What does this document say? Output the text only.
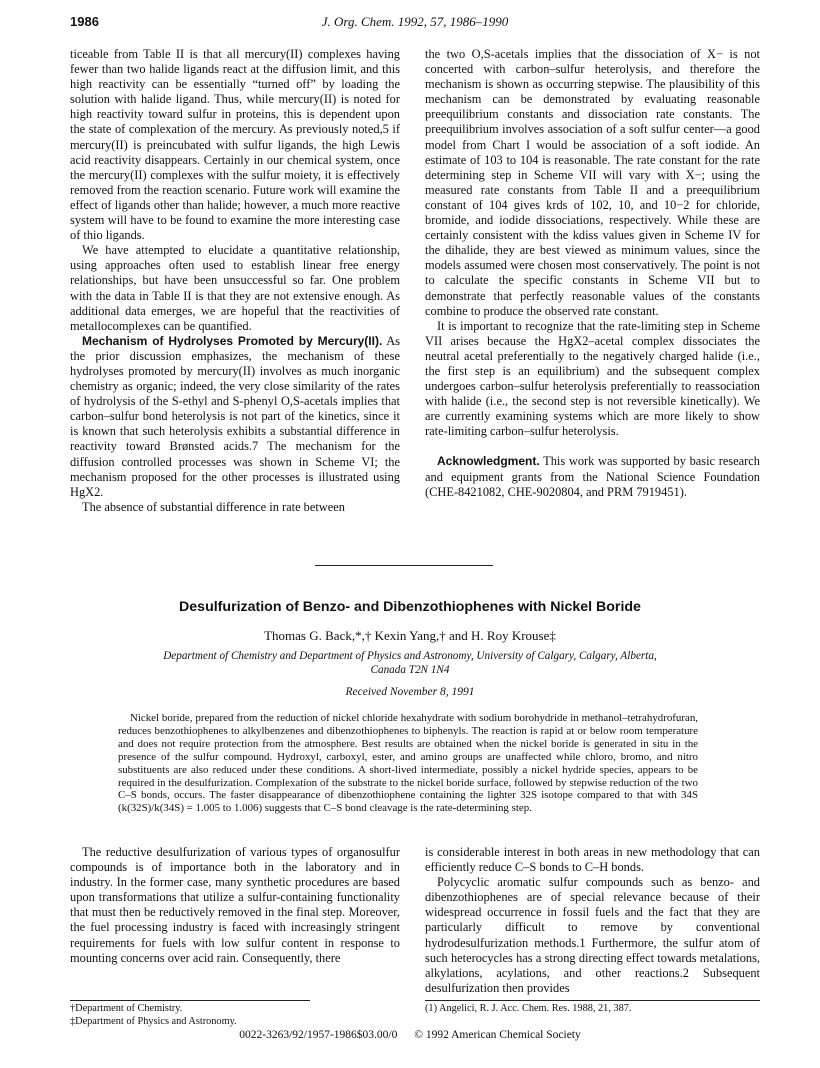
1986	J. Org. Chem. 1992, 57, 1986–1990

ticeable from Table II is that all mercury(II) complexes having fewer than two halide ligands react at the diffusion limit, and this high reactivity can be essentially “turned off” by loading the solution with halide ligand. Thus, while mercury(II) is noted for high reactivity toward sulfur in proteins, this is dependent upon the state of complexation of the mercury. As previously noted,5 if mercury(II) is preincubated with sulfur ligands, the high Lewis acid reactivity disappears. Certainly in our chemical system, once the mercury(II) complexes with the sulfur moiety, it is effectively removed from the reaction scenario. Future work will examine the effect of ligands other than halide; however, a much more reactive system will have to be found to examine the more interesting case of thio ligands.

We have attempted to elucidate a quantitative relationship, using approaches often used to establish linear free energy relationships, but have been unsuccessful so far. One problem with the data in Table II is that they are not extensive enough. As additional data emerges, we are hopeful that the reactivities of metallocomplexes can be quantified.

Mechanism of Hydrolyses Promoted by Mercury(II). As the prior discussion emphasizes, the mechanism of these hydrolyses promoted by mercury(II) involves as much inorganic chemistry as organic; indeed, the very close similarity of the rates of hydrolysis of the S-ethyl and S-phenyl O,S-acetals implies that carbon–sulfur bond heterolysis is not part of the kinetics, since it is known that such heterolysis exhibits a substantial difference in reactivity toward Brønsted acids.7 The mechanism for the diffusion controlled processes was shown in Scheme VI; the mechanism proposed for the other processes is illustrated using HgX2.

The absence of substantial difference in rate between

the two O,S-acetals implies that the dissociation of X− is not concerted with carbon–sulfur heterolysis, and therefore the mechanism is shown as occurring stepwise. The plausibility of this mechanism can be demonstrated by evaluating reasonable preequilibrium constants and dissociation rate constants. The preequilibrium involves association of a soft sulfur center—a good model from Chart I would be association of a soft iodide. An estimate of 103 to 104 is reasonable. The rate constant for the rate determining step in Scheme VII will vary with X−; using the measured rate constants from Table II and a preequilibrium constant of 104 gives krds of 102, 10, and 10−2 for chloride, bromide, and iodide dissociations, respectively. While these are certainly consistent with the kdiss values given in Scheme IV for the dihalide, they are best viewed as minimum values, since the models assumed were chosen most conservatively. The point is not to calculate the specific constants in Scheme VII but to demonstrate that perfectly reasonable values of the constants combine to produce the observed rate constant.

It is important to recognize that the rate-limiting step in Scheme VII arises because the HgX2–acetal complex dissociates the neutral acetal preferentially to the negatively charged halide (i.e., the first step is an equilibrium) and the subsequent complex undergoes carbon–sulfur heterolysis preferentially to reassociation with halide (i.e., the second step is not reversible kinetically). We are currently examining systems which are more likely to show rate-limiting carbon–sulfur heterolysis.

Acknowledgment. This work was supported by basic research and equipment grants from the National Science Foundation (CHE-8421082, CHE-9020804, and PRM 7919451).

Desulfurization of Benzo- and Dibenzothiophenes with Nickel Boride
Thomas G. Back,*,† Kexin Yang,† and H. Roy Krouse‡
Department of Chemistry and Department of Physics and Astronomy, University of Calgary, Calgary, Alberta, Canada T2N 1N4
Received November 8, 1991
Nickel boride, prepared from the reduction of nickel chloride hexahydrate with sodium borohydride in methanol–tetrahydrofuran, reduces benzothiophenes to alkylbenzenes and dibenzothiophenes to biphenyls. The reaction is rapid at or below room temperature and does not require protection from the atmosphere. Best results are obtained when the nickel boride is generated in situ in the presence of the sulfur compound. Hydroxyl, carboxyl, ester, and amino groups are unaffected while chloro, bromo, and nitro substituents are also reduced under these conditions. A short-lived intermediate, possibly a nickel hydride species, appears to be required in the desulfurization. Complexation of the substrate to the nickel boride surface, followed by stepwise reduction of the two C–S bonds, occurs. The faster disappearance of dibenzothiophene containing the lighter 32S isotope compared to that with 34S (k(32S)/k(34S) = 1.005 to 1.006) suggests that C–S bond cleavage is the rate-determining step.

The reductive desulfurization of various types of organosulfur compounds is of importance both in the laboratory and in industry. In the former case, many synthetic procedures are based upon transformations that utilize a sulfur-containing functionality that must then be reductively removed in the final step. Moreover, the fuel processing industry is faced with increasingly stringent requirements for fuels with low sulfur content in response to mounting concerns over acid rain. Consequently, there

is considerable interest in both areas in new methodology that can efficiently reduce C–S bonds to C–H bonds.

Polycyclic aromatic sulfur compounds such as benzo- and dibenzothiophenes are of special relevance because of their widespread occurrence in fossil fuels and the fact that they are particularly difficult to remove by conventional hydrodesulfurization methods.1 Furthermore, the sulfur atom of such heterocycles has a strong directing effect towards metalations, alkylations, acylations, and other reactions.2 Subsequent desulfurization then provides

†Department of Chemistry.
‡Department of Physics and Astronomy.
(1) Angelici, R. J. Acc. Chem. Res. 1988, 21, 387.
0022-3263/92/1957-1986$03.00/0 © 1992 American Chemical Society
